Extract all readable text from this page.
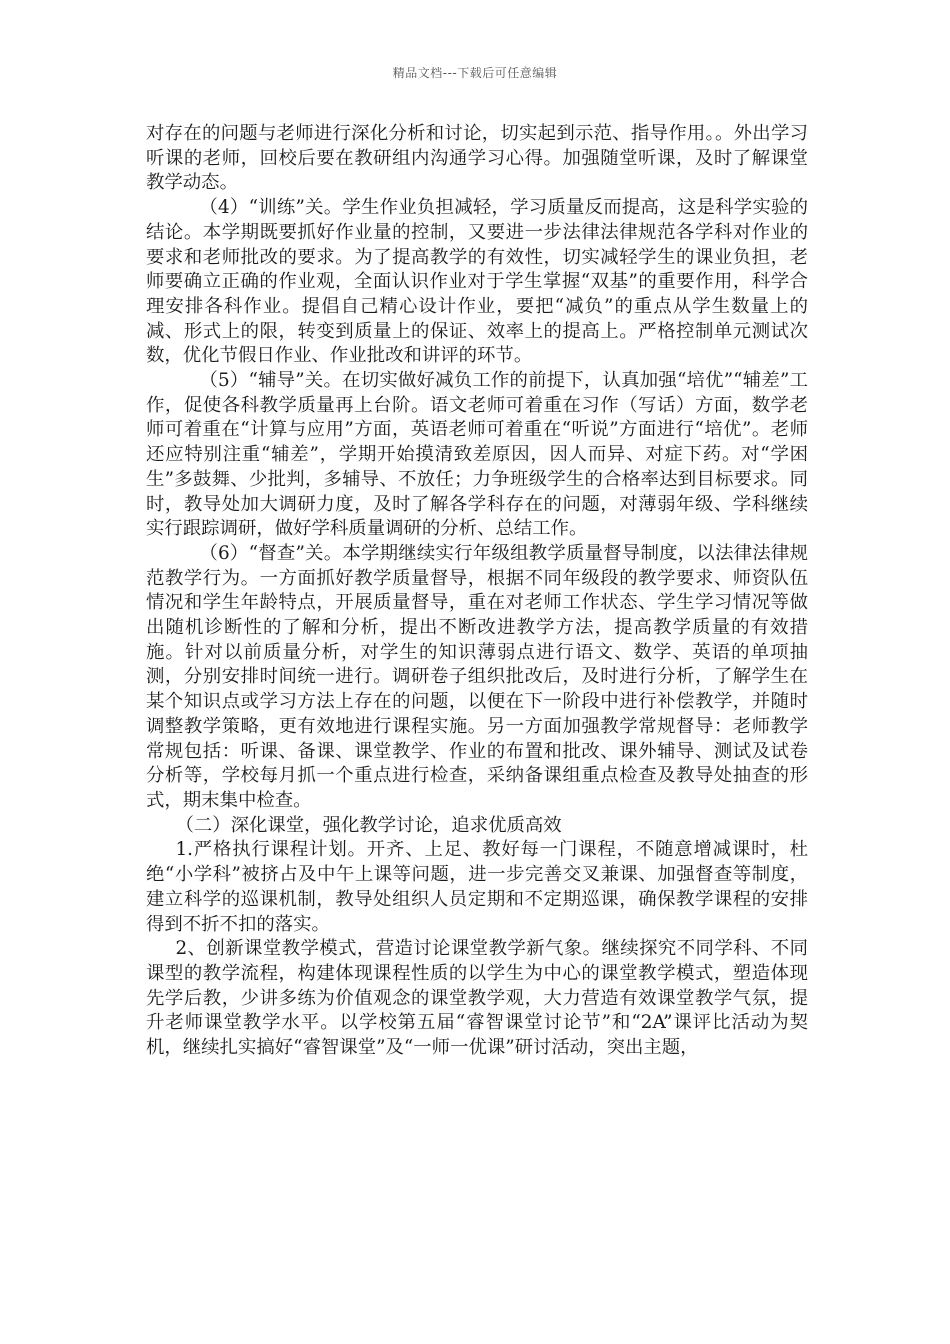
精品文档---下载后可任意编辑

对存在的问题与老师进行深化分析和讨论，切实起到示范、指导作用。。外出学习听课的老师，回校后要在教研组内沟通学习心得。加强随堂听课，及时了解课堂教学动态。

（4）“训练”关。学生作业负担减轻，学习质量反而提高，这是科学实验的结论。本学期既要抓好作业量的控制，又要进一步法律法律规范各学科对作业的要求和老师批改的要求。为了提高教学的有效性，切实减轻学生的课业负担，老师要确立正确的作业观，全面认识作业对于学生掌握“双基”的重要作用，科学合理安排各科作业。提倡自己精心设计作业，要把“减负”的重点从学生数量上的减、形式上的限，转变到质量上的保证、效率上的提高上。严格控制单元测试次数，优化节假日作业、作业批改和讲评的环节。

（5）“辅导”关。在切实做好减负工作的前提下，认真加强“培优”“辅差”工作，促使各科教学质量再上台阶。语文老师可着重在习作（写话）方面，数学老师可着重在“计算与应用”方面，英语老师可着重在“听说”方面进行“培优”。老师还应特别注重“辅差”，学期开始摸清致差原因，因人而异、对症下药。对“学困生”多鼓舞、少批判，多辅导、不放任；力争班级学生的合格率达到目标要求。同时，教导处加大调研力度，及时了解各学科存在的问题，对薄弱年级、学科继续实行跟踪调研，做好学科质量调研的分析、总结工作。

（6）“督查”关。本学期继续实行年级组教学质量督导制度，以法律法律规范教学行为。一方面抓好教学质量督导，根据不同年级段的教学要求、师资队伍情况和学生年龄特点，开展质量督导，重在对老师工作状态、学生学习情况等做出随机诊断性的了解和分析，提出不断改进教学方法，提高教学质量的有效措施。针对以前质量分析，对学生的知识薄弱点进行语文、数学、英语的单项抽测，分别安排时间统一进行。调研卷子组织批改后，及时进行分析，了解学生在某个知识点或学习方法上存在的问题，以便在下一阶段中进行补偿教学，并随时调整教学策略，更有效地进行课程实施。另一方面加强教学常规督导：老师教学常规包括：听课、备课、课堂教学、作业的布置和批改、课外辅导、测试及试卷分析等，学校每月抓一个重点进行检查，采纳备课组重点检查及教导处抽查的形式，期末集中检查。

（二）深化课堂，强化教学讨论，追求优质高效

1.严格执行课程计划。开齐、上足、教好每一门课程，不随意增减课时，杜绝“小学科”被挤占及中午上课等问题，进一步完善交叉兼课、加强督查等制度，建立科学的巡课机制，教导处组织人员定期和不定期巡课，确保教学课程的安排得到不折不扣的落实。

2、创新课堂教学模式，营造讨论课堂教学新气象。继续探究不同学科、不同课型的教学流程，构建体现课程性质的以学生为中心的课堂教学模式，塑造体现先学后教，少讲多练为价值观念的课堂教学观，大力营造有效课堂教学气氛，提升老师课堂教学水平。以学校第五届“睿智课堂讨论节”和“2A”课评比活动为契机，继续扎实搞好“睿智课堂”及“一师一优课”研讨活动，突出主题，
